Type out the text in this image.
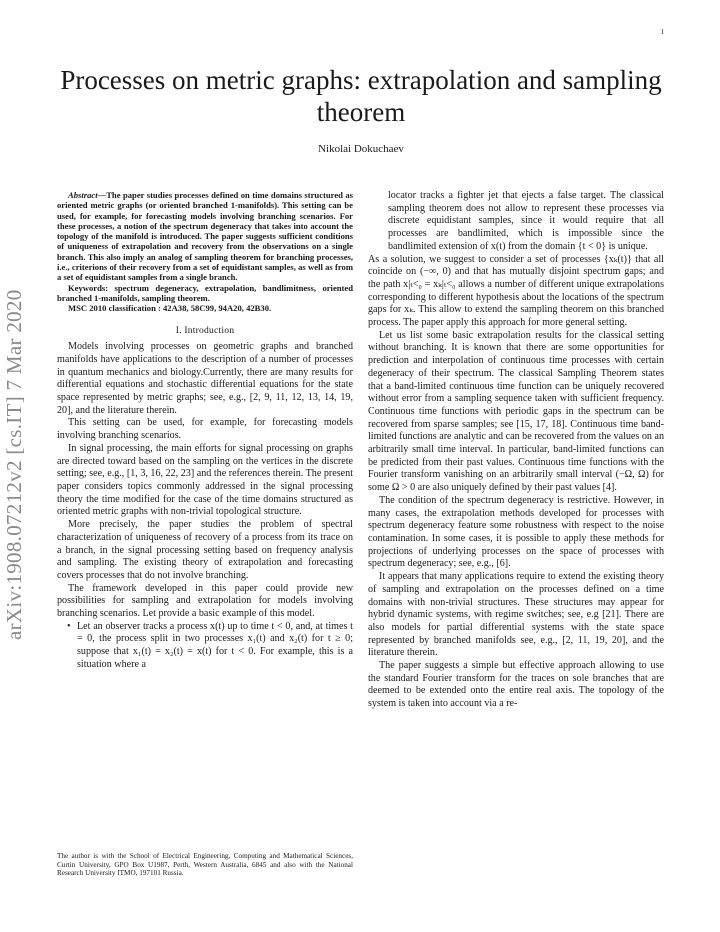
1
arXiv:1908.07212v2 [cs.IT] 7 Mar 2020
Processes on metric graphs: extrapolation and sampling theorem
Nikolai Dokuchaev

Abstract—The paper studies processes defined on time domains structured as oriented metric graphs (or oriented branched 1-manifolds). This setting can be used, for example, for forecasting models involving branching scenarios. For these processes, a notion of the spectrum degeneracy that takes into account the topology of the manifold is introduced. The paper suggests sufficient conditions of uniqueness of extrapolation and recovery from the observations on a single branch. This also imply an analog of sampling theorem for branching processes, i.e., criterions of their recovery from a set of equidistant samples, as well as from a set of equidistant samples from a single branch.

Keywords: spectrum degeneracy, extrapolation, bandlimitness, oriented branched 1-manifolds, sampling theorem.

MSC 2010 classification : 42A38, 58C99, 94A20, 42B30.

I. Introduction

Models involving processes on geometric graphs and branched manifolds have applications to the description of a number of processes in quantum mechanics and biology.Currently, there are many results for differential equations and stochastic differential equations for the state space represented by metric graphs; see, e.g., [2, 9, 11, 12, 13, 14, 19, 20], and the literature therein.

This setting can be used, for example, for forecasting models involving branching scenarios.

In signal processing, the main efforts for signal processing on graphs are directed toward based on the sampling on the vertices in the discrete setting; see, e.g., [1, 3, 16, 22, 23] and the references therein. The present paper considers topics commonly addressed in the signal processing theory the time modified for the case of the time domains structured as oriented metric graphs with non-trivial topological structure.

More precisely, the paper studies the problem of spectral characterization of uniqueness of recovery of a process from its trace on a branch, in the signal processing setting based on frequency analysis and sampling. The existing theory of extrapolation and forecasting covers processes that do not involve branching.

The framework developed in this paper could provide new possibilities for sampling and extrapolation for models involving branching scenarios. Let provide a basic example of this model.

• Let an observer tracks a process x(t) up to time t < 0, and, at times t = 0, the process split in two processes x₁(t) and x₂(t) for t ≥ 0; suppose that x₁(t) = x₂(t) = x(t) for t < 0. For example, this is a situation where a

The author is with the School of Electrical Engineering, Computing and Mathematical Sciences, Curtin University, GPO Box U1987, Perth, Western Australia, 6845 and also with the National Research University ITMO, 197101 Russia.

locator tracks a fighter jet that ejects a false target. The classical sampling theorem does not allow to represent these processes via discrete equidistant samples, since it would require that all processes are bandlimited, which is impossible since the bandlimited extension of x(t) from the domain {t < 0} is unique.

As a solution, we suggest to consider a set of processes {xₖ(t)} that all coincide on (−∞, 0) and that has mutually disjoint spectrum gaps; and the path x|ₜ<₀ = xₖ|ₜ<₀ allows a number of different unique extrapolations corresponding to different hypothesis about the locations of the spectrum gaps for xₖ. This allow to extend the sampling theorem on this branched process. The paper apply this approach for more general setting.

Let us list some basic extrapolation results for the classical setting without branching. It is known that there are some opportunities for prediction and interpolation of continuous time processes with certain degeneracy of their spectrum. The classical Sampling Theorem states that a band-limited continuous time function can be uniquely recovered without error from a sampling sequence taken with sufficient frequency. Continuous time functions with periodic gaps in the spectrum can be recovered from sparse samples; see [15, 17, 18]. Continuous time band-limited functions are analytic and can be recovered from the values on an arbitrarily small time interval. In particular, band-limited functions can be predicted from their past values. Continuous time functions with the Fourier transform vanishing on an arbitrarily small interval (−Ω, Ω) for some Ω > 0 are also uniquely defined by their past values [4].

The condition of the spectrum degeneracy is restrictive. However, in many cases, the extrapolation methods developed for processes with spectrum degeneracy feature some robustness with respect to the noise contamination. In some cases, it is possible to apply these methods for projections of underlying processes on the space of processes with spectrum degeneracy; see, e.g., [6].

It appears that many applications require to extend the existing theory of sampling and extrapolation on the processes defined on a time domains with non-trivial structures. These structures may appear for hybrid dynamic systems, with regime switches; see, e.g [21]. There are also models for partial differential systems with the state space represented by branched manifolds see, e.g., [2, 11, 19, 20], and the literature therein.

The paper suggests a simple but effective approach allowing to use the standard Fourier transform for the traces on sole branches that are deemed to be extended onto the entire real axis. The topology of the system is taken into account via a re-
